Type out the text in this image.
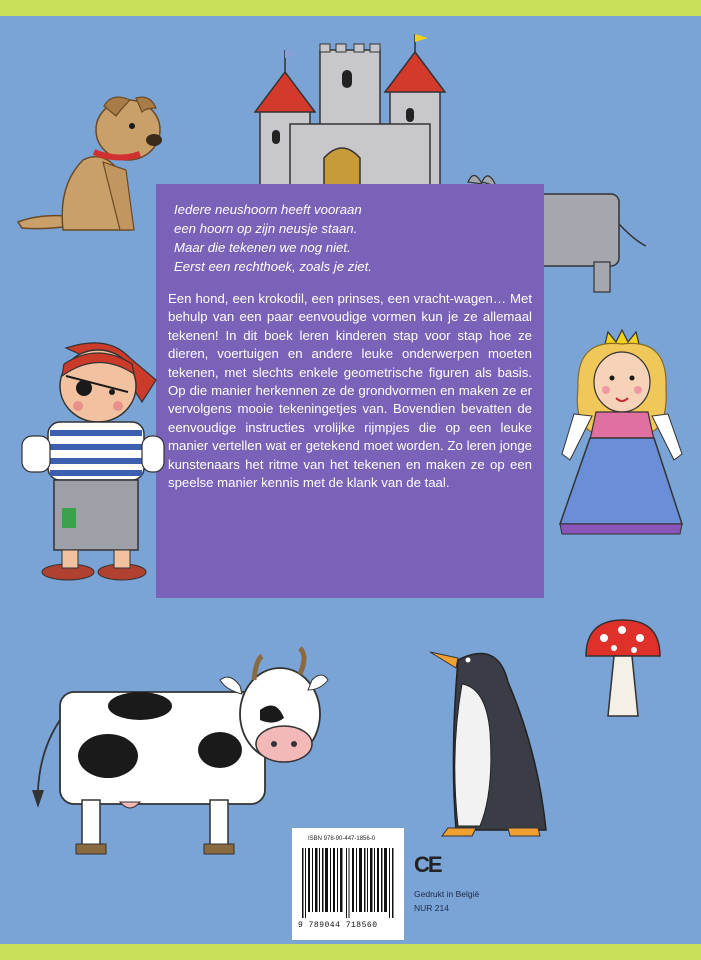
Iedere neushoorn heeft vooraan
een hoorn op zijn neusje staan.
Maar die tekenen we nog niet.
Eerst een rechthoek, zoals je ziet.

Een hond, een krokodil, een prinses, een vracht-wagen… Met behulp van een paar eenvoudige vormen kun je ze allemaal tekenen! In dit boek leren kinderen stap voor stap hoe ze dieren, voertuigen en andere leuke onderwerpen moeten tekenen, met slechts enkele geometrische figuren als basis. Op die manier herkennen ze de grondvormen en maken ze er vervolgens mooie tekeningetjes van. Bovendien bevatten de eenvoudige instructies vrolijke rijmpjes die op een leuke manier vertellen wat er getekend moet worden. Zo leren jonge kunstenaars het ritme van het tekenen en maken ze op een speelse manier kennis met de klank van de taal.

ISBN 978-90-447-1856-0
9 789044 718560
CE
Gedrukt in België
NUR 214
